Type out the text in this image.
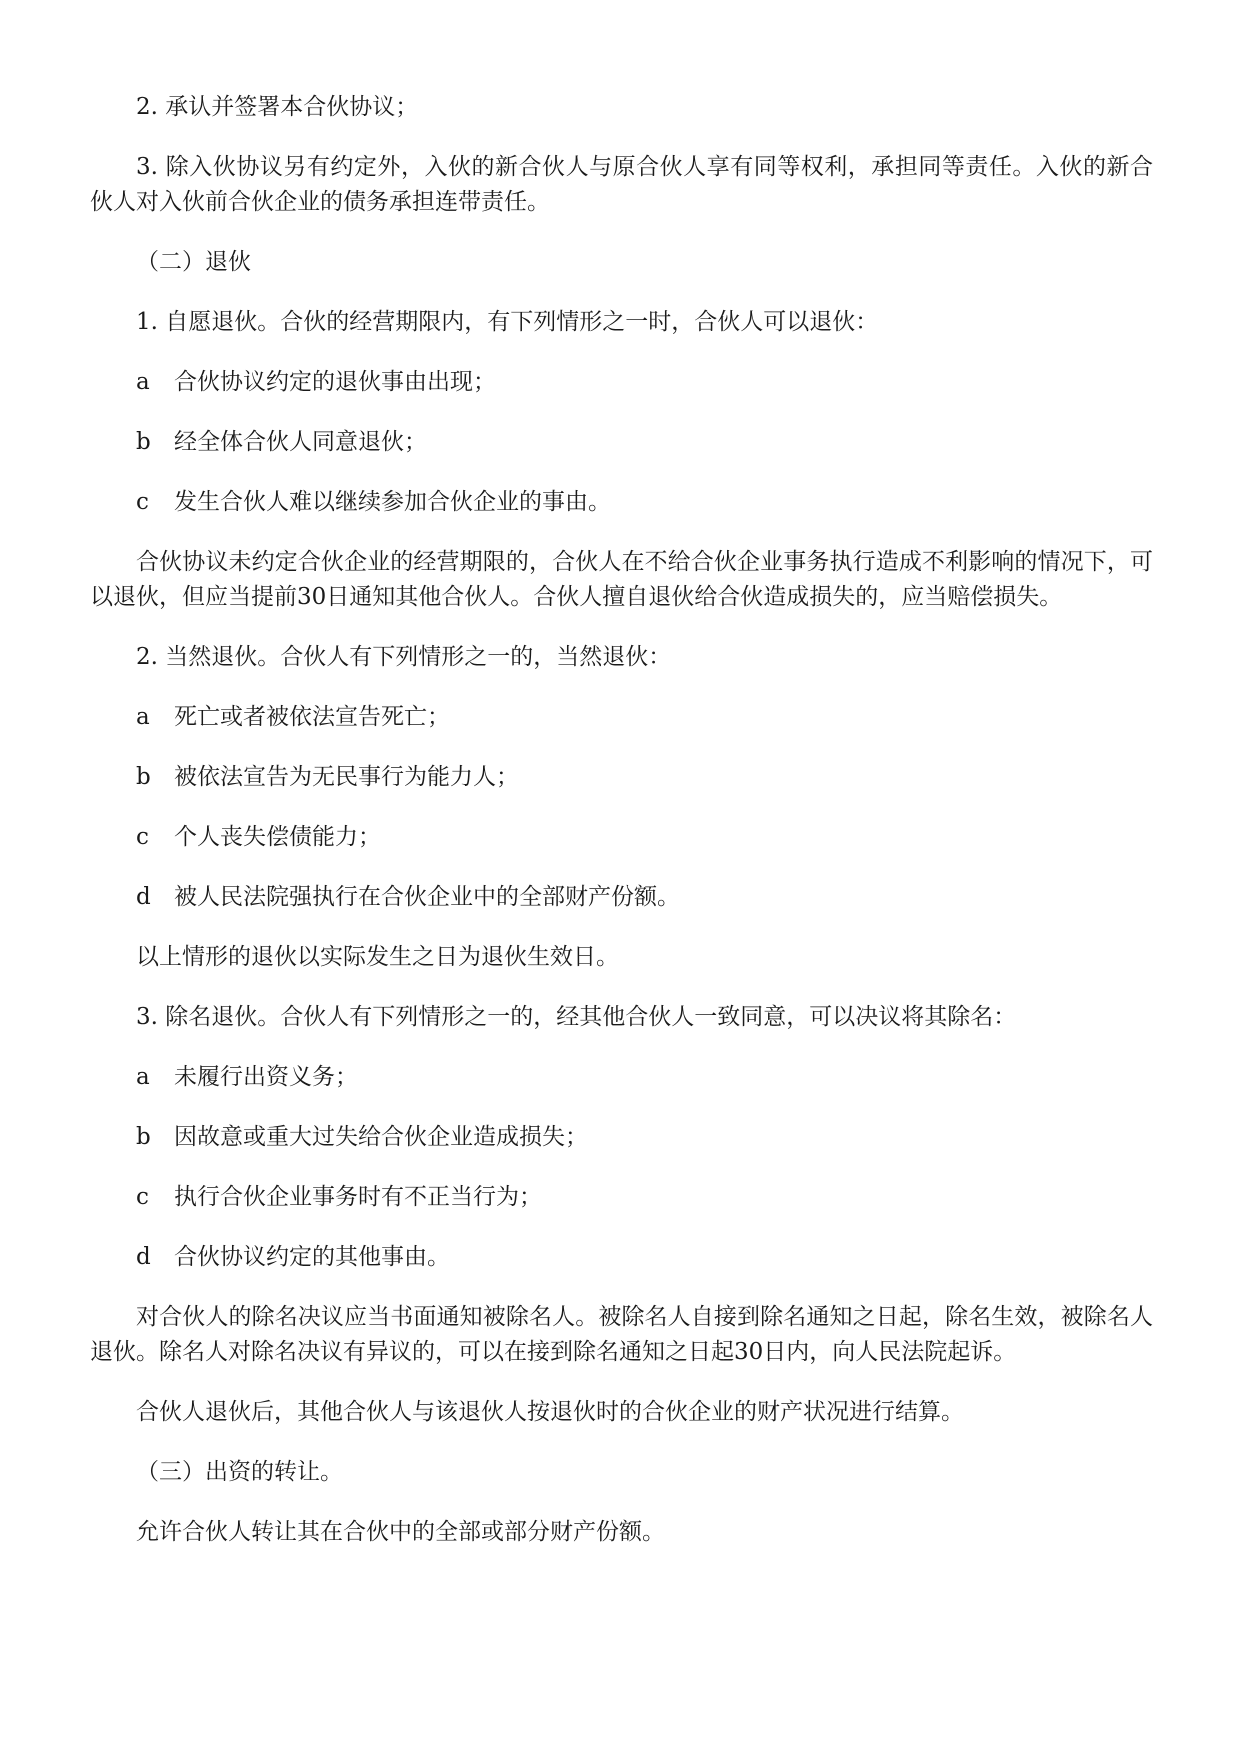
2. 承认并签署本合伙协议；

3. 除入伙协议另有约定外，入伙的新合伙人与原合伙人享有同等权利，承担同等责任。入伙的新合伙人对入伙前合伙企业的债务承担连带责任。

（二）退伙

1. 自愿退伙。合伙的经营期限内，有下列情形之一时，合伙人可以退伙：

a	合伙协议约定的退伙事由出现；
b	经全体合伙人同意退伙；
c	发生合伙人难以继续参加合伙企业的事由。

合伙协议未约定合伙企业的经营期限的，合伙人在不给合伙企业事务执行造成不利影响的情况下，可以退伙，但应当提前30日通知其他合伙人。合伙人擅自退伙给合伙造成损失的，应当赔偿损失。

2. 当然退伙。合伙人有下列情形之一的，当然退伙：

a	死亡或者被依法宣告死亡；
b	被依法宣告为无民事行为能力人；
c	个人丧失偿债能力；
d	被人民法院强执行在合伙企业中的全部财产份额。

以上情形的退伙以实际发生之日为退伙生效日。

3. 除名退伙。合伙人有下列情形之一的，经其他合伙人一致同意，可以决议将其除名：

a	未履行出资义务；
b	因故意或重大过失给合伙企业造成损失；
c	执行合伙企业事务时有不正当行为；
d	合伙协议约定的其他事由。

对合伙人的除名决议应当书面通知被除名人。被除名人自接到除名通知之日起，除名生效，被除名人退伙。除名人对除名决议有异议的，可以在接到除名通知之日起30日内，向人民法院起诉。

合伙人退伙后，其他合伙人与该退伙人按退伙时的合伙企业的财产状况进行结算。

（三）出资的转让。

允许合伙人转让其在合伙中的全部或部分财产份额。
